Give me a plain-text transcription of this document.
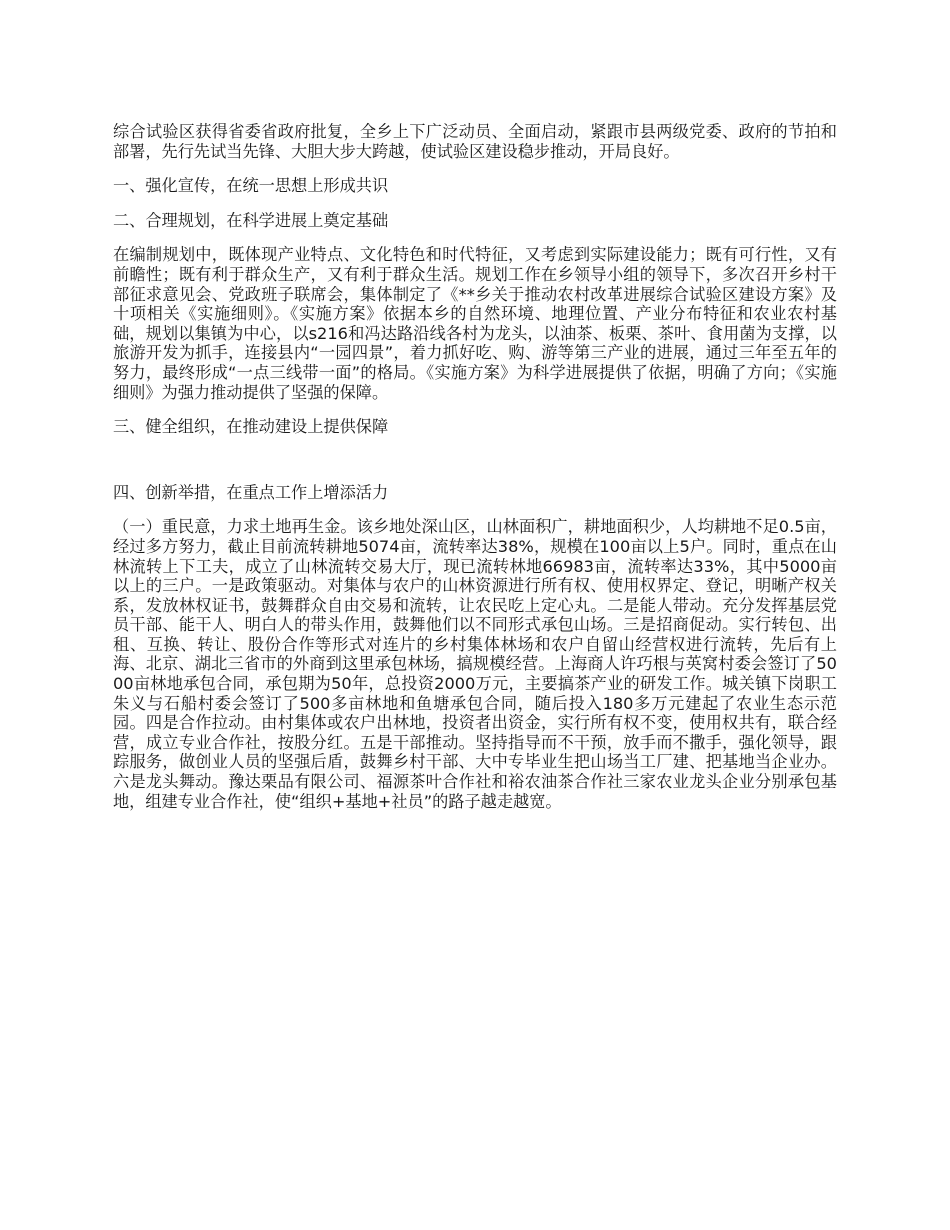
综合试验区获得省委省政府批复，全乡上下广泛动员、全面启动，紧跟市县两级党委、政府的节拍和部署，先行先试当先锋、大胆大步大跨越，使试验区建设稳步推动，开局良好。

一、强化宣传，在统一思想上形成共识

二、合理规划，在科学进展上奠定基础

在编制规划中，既体现产业特点、文化特色和时代特征，又考虑到实际建设能力；既有可行性，又有前瞻性；既有利于群众生产，又有利于群众生活。规划工作在乡领导小组的领导下，多次召开乡村干部征求意见会、党政班子联席会，集体制定了《**乡关于推动农村改革进展综合试验区建设方案》及十项相关《实施细则》。《实施方案》依据本乡的自然环境、地理位置、产业分布特征和农业农村基础，规划以集镇为中心，以s216和冯达路沿线各村为龙头，以油茶、板栗、茶叶、食用菌为支撑，以旅游开发为抓手，连接县内“一园四景”，着力抓好吃、购、游等第三产业的进展，通过三年至五年的努力，最终形成“一点三线带一面”的格局。《实施方案》为科学进展提供了依据，明确了方向；《实施细则》为强力推动提供了坚强的保障。

三、健全组织，在推动建设上提供保障

四、创新举措，在重点工作上增添活力

（一）重民意，力求土地再生金。该乡地处深山区，山林面积广，耕地面积少，人均耕地不足0.5亩，经过多方努力，截止目前流转耕地5074亩，流转率达38%，规模在100亩以上5户。同时，重点在山林流转上下工夫，成立了山林流转交易大厅，现已流转林地66983亩，流转率达33%，其中5000亩以上的三户。一是政策驱动。对集体与农户的山林资源进行所有权、使用权界定、登记，明晰产权关系，发放林权证书，鼓舞群众自由交易和流转，让农民吃上定心丸。二是能人带动。充分发挥基层党员干部、能干人、明白人的带头作用，鼓舞他们以不同形式承包山场。三是招商促动。实行转包、出租、互换、转让、股份合作等形式对连片的乡村集体林场和农户自留山经营权进行流转，先后有上海、北京、湖北三省市的外商到这里承包林场，搞规模经营。上海商人许巧根与英窝村委会签订了5000亩林地承包合同，承包期为50年，总投资2000万元，主要搞茶产业的研发工作。城关镇下岗职工朱义与石船村委会签订了500多亩林地和鱼塘承包合同，随后投入180多万元建起了农业生态示范园。四是合作拉动。由村集体或农户出林地，投资者出资金，实行所有权不变，使用权共有，联合经营，成立专业合作社，按股分红。五是干部推动。坚持指导而不干预，放手而不撒手，强化领导，跟踪服务，做创业人员的坚强后盾，鼓舞乡村干部、大中专毕业生把山场当工厂建、把基地当企业办。六是龙头舞动。豫达栗品有限公司、福源茶叶合作社和裕农油茶合作社三家农业龙头企业分别承包基地，组建专业合作社，使“组织+基地+社员”的路子越走越宽。
